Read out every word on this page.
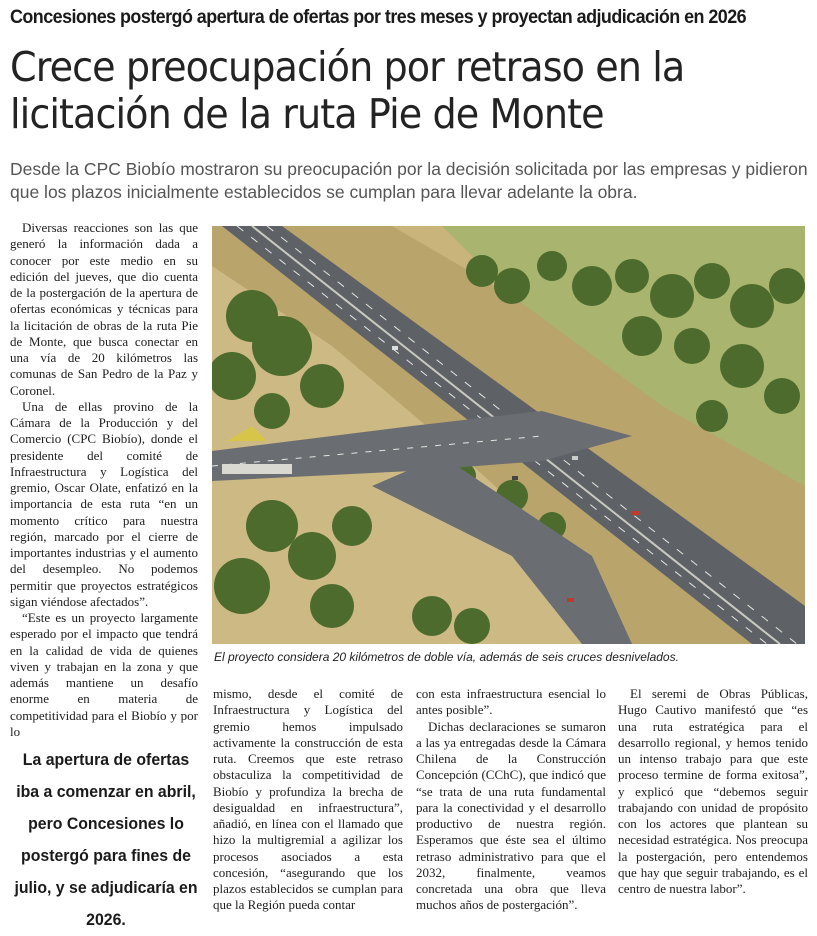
Concesiones postergó apertura de ofertas por tres meses y proyectan adjudicación en 2026
Crece preocupación por retraso en la licitación de la ruta Pie de Monte
Desde la CPC Biobío mostraron su preocupación por la decisión solicitada por las empresas y pidieron que los plazos inicialmente establecidos se cumplan para llevar adelante la obra.

Diversas reacciones son las que generó la información dada a conocer por este medio en su edición del jueves, que dio cuenta de la postergación de la apertura de ofertas económicas y técnicas para la licitación de obras de la ruta Pie de Monte, que busca conectar en una vía de 20 kilómetros las comunas de San Pedro de la Paz y Coronel.

Una de ellas provino de la Cámara de la Producción y del Comercio (CPC Biobío), donde el presidente del comité de Infraestructura y Logística del gremio, Oscar Olate, enfatizó en la importancia de esta ruta “en un momento crítico para nuestra región, marcado por el cierre de importantes industrias y el aumento del desempleo. No podemos permitir que proyectos estratégicos sigan viéndose afectados”.

“Este es un proyecto largamente esperado por el impacto que tendrá en la calidad de vida de quienes viven y trabajan en la zona y que además mantiene un desafío enorme en materia de competitividad para el Biobío y por lo

La apertura de ofertas iba a comenzar en abril, pero Concesiones lo postergó para fines de julio, y se adjudicaría en 2026.
El proyecto considera 20 kilómetros de doble vía, además de seis cruces desnivelados.

mismo, desde el comité de Infraestructura y Logística del gremio hemos impulsado activamente la construcción de esta ruta. Creemos que este retraso obstaculiza la competitividad de Biobío y profundiza la brecha de desigualdad en infraestructura”, añadió, en línea con el llamado que hizo la multigremial a agilizar los procesos asociados a esta concesión, “asegurando que los plazos establecidos se cumplan para que la Región pueda contar

con esta infraestructura esencial lo antes posible”.

Dichas declaraciones se sumaron a las ya entregadas desde la Cámara Chilena de la Construcción Concepción (CChC), que indicó que “se trata de una ruta fundamental para la conectividad y el desarrollo productivo de nuestra región. Esperamos que éste sea el último retraso administrativo para que el 2032, finalmente, veamos concretada una obra que lleva muchos años de postergación”.

El seremi de Obras Públicas, Hugo Cautivo manifestó que “es una ruta estratégica para el desarrollo regional, y hemos tenido un intenso trabajo para que este proceso termine de forma exitosa”, y explicó que “debemos seguir trabajando con unidad de propósito con los actores que plantean su necesidad estratégica. Nos preocupa la postergación, pero entendemos que hay que seguir trabajando, es el centro de nuestra labor”.
